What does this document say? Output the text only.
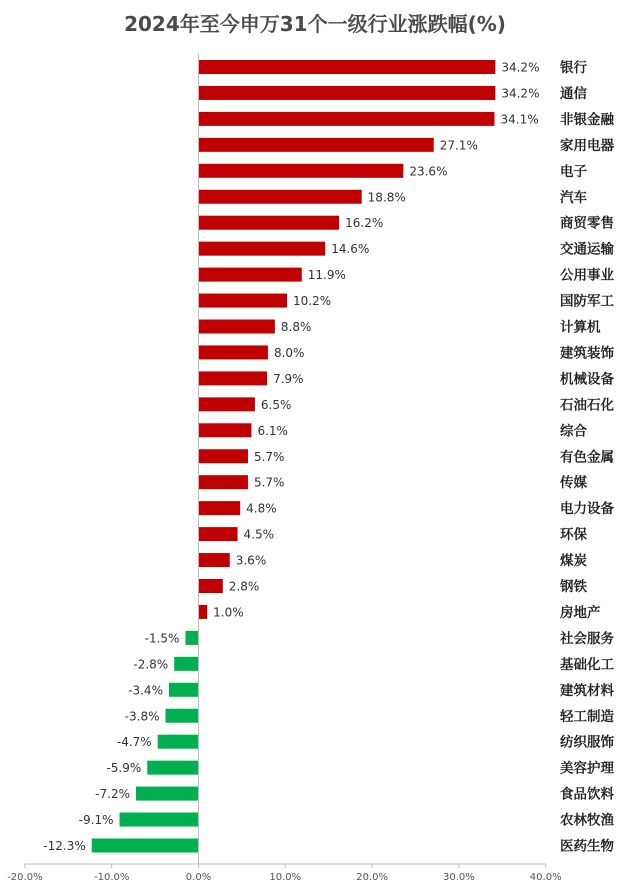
2024年至今申万31个一级行业涨跌幅(%)
34.2% 银行
34.2% 通信
34.1% 非银金融
27.1%	家用电器
23.6%	电子
18.8%	汽车
16.2%	商贸零售
14.6%	交通运输
11.9%	公用事业
10.2%	国防军工
8.8%	计算机
8.0%	建筑装饰
7.9%	机械设备
6.5%	石油石化
6.1%	综合
5.7%	有色金属
5.7%	传媒
4.8%	电力设备
4.5%	环保
3.6%	煤炭
2.8%	钢铁
1.0%	房地产
-1.5%	社会服务
-2.8%	基础化工
-3.4%	建筑材料
-3.8%	轻工制造
-4.7%	纺织服饰
-5.9%	美容护理
-7.2%	食品饮料
-9.1%	农林牧渔
-12.3%	医药生物
-20.0%	-10.0%	0.0%	10.0%	20.0%	30.0%	40.0%
